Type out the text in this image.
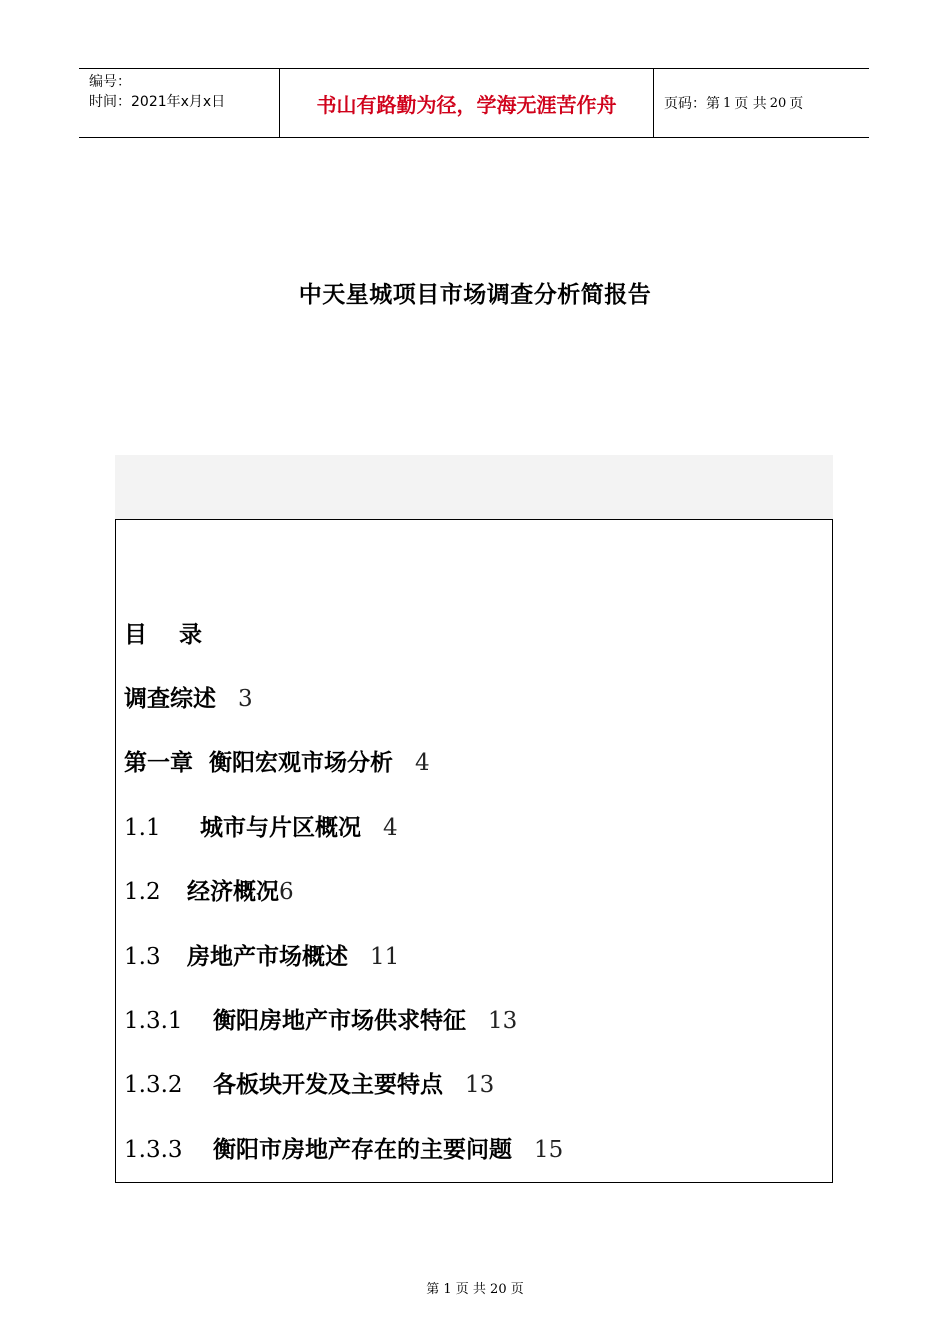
编号：
时间：2021年x月x日	书山有路勤为径，学海无涯苦作舟	页码：第 1 页 共 20 页
中天星城项目市场调查分析简报告
目    录
调查综述 3
第一章  衡阳宏观市场分析 4
1.1 城市与片区概况 4
1.2 经济概况6
1.3 房地产市场概述 11
1.3.1 衡阳房地产市场供求特征 13
1.3.2 各板块开发及主要特点 13
1.3.3 衡阳市房地产存在的主要问题 15
第 1 页 共 20 页
